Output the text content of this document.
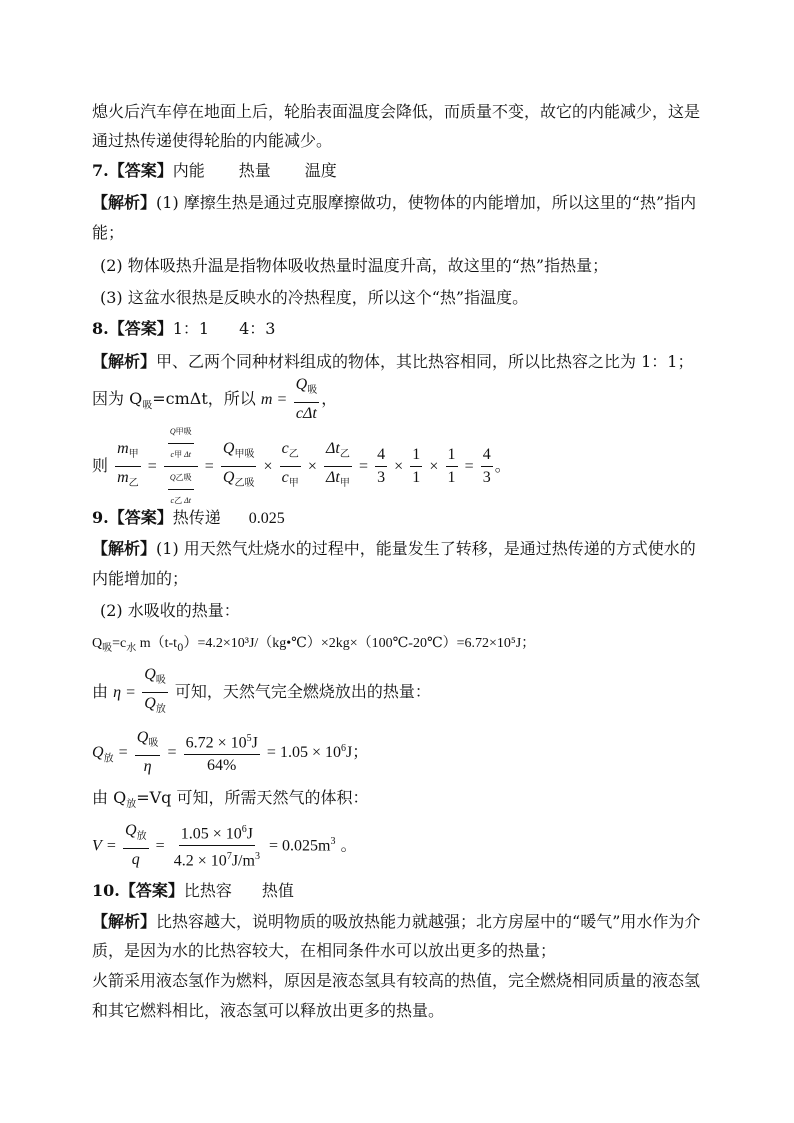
熄火后汽车停在地面上后，轮胎表面温度会降低，而质量不变，故它的内能减少，这是
通过热传递使得轮胎的内能减少。
7.【答案】内能 热量 温度
【解析】(1) 摩擦生热是通过克服摩擦做功，使物体的内能增加，所以这里的“热”指内
能；
(2) 物体吸热升温是指物体吸收热量时温度升高，故这里的“热”指热量；
(3) 这盆水很热是反映水的冷热程度，所以这个“热”指温度。
8.【答案】1：1 4：3
【解析】甲、乙两个同种材料组成的物体，其比热容相同，所以比热容之比为 1：1；
因为 $Q_吸=cm\Delta t$，所以 $m = \frac{Q_吸}{\text{cΔt}}$ ，
则 $\frac{m_甲}{m_乙} = \frac{\frac{\text{Q甲吸}}{\text{c甲 Δt}}}{\frac{\text{Q乙吸}}{\text{c乙 Δt}}} = \frac{Q_{甲吸}}{Q_{乙吸}} \times \frac{c_乙}{c_甲} \times \frac{\Delta t_乙}{\Delta t_甲} = \frac{4}{3} \times \frac{1}{1} \times \frac{1}{1} = \frac{4}{3}$ 。
9.【答案】热传递 0.025
【解析】(1) 用天然气灶烧水的过程中，能量发生了转移，是通过热传递的方式使水的
内能增加的；
(2) 水吸收的热量：
$Q_吸=c_水$ $m(t-t_0)=4.2\times 10^3J/(kg•℃)\times 2kg\times(100℃-20℃)=6.72\times 10^5J$；
由 $\eta = \frac{Q_吸}{Q_放}$ 可知，天然气完全燃烧放出的热量：
$Q_放 = \frac{Q_吸}{\eta} = \frac{6.72 \times 10^5J}{64\%} = 1.05 \times 10^6J$；
由 $Q_放=Vq$ 可知，所需天然气的体积：
$V = \frac{Q_放}{q} = \frac{1.05 \times 10^6J}{4.2 \times 10^7J/m^3} = 0.025m^3$ 。
10.【答案】比热容 热值
【解析】比热容越大，说明物质的吸放热能力就越强；北方房屋中的“暖气”用水作为介
质，是因为水的比热容较大，在相同条件水可以放出更多的热量；
火箭采用液态氢作为燃料，原因是液态氢具有较高的热值，完全燃烧相同质量的液态氢
和其它燃料相比，液态氢可以释放出更多的热量。
